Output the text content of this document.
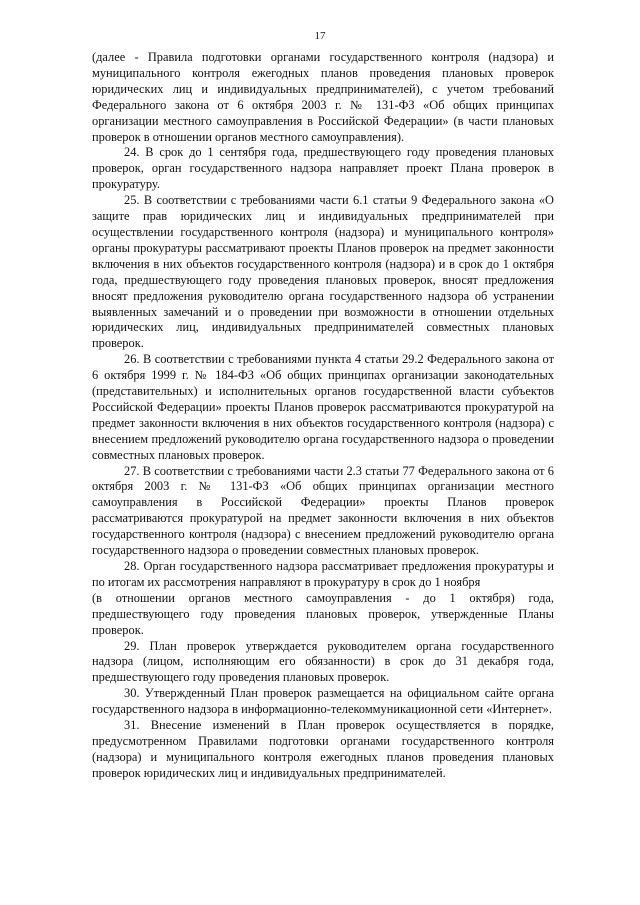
17

(далее - Правила подготовки органами государственного контроля (надзора) и муниципального контроля ежегодных планов проведения плановых проверок юридических лиц и индивидуальных предпринимателей), с учетом требований Федерального закона от 6 октября 2003 г. № 131-ФЗ «Об общих принципах организации местного самоуправления в Российской Федерации» (в части плановых проверок в отношении органов местного самоуправления).

24. В срок до 1 сентября года, предшествующего году проведения плановых проверок, орган государственного надзора направляет проект Плана проверок в прокуратуру.

25. В соответствии с требованиями части 6.1 статьи 9 Федерального закона «О защите прав юридических лиц и индивидуальных предпринимателей при осуществлении государственного контроля (надзора) и муниципального контроля» органы прокуратуры рассматривают проекты Планов проверок на предмет законности включения в них объектов государственного контроля (надзора) и в срок до 1 октября года, предшествующего году проведения плановых проверок, вносят предложения вносят предложения руководителю органа государственного надзора об устранении выявленных замечаний и о проведении при возможности в отношении отдельных юридических лиц, индивидуальных предпринимателей совместных плановых проверок.

26. В соответствии с требованиями пункта 4 статьи 29.2 Федерального закона от 6 октября 1999 г. № 184-ФЗ «Об общих принципах организации законодательных (представительных) и исполнительных органов государственной власти субъектов Российской Федерации» проекты Планов проверок рассматриваются прокуратурой на предмет законности включения в них объектов государственного контроля (надзора) с внесением предложений руководителю органа государственного надзора о проведении совместных плановых проверок.

27. В соответствии с требованиями части 2.3 статьи 77 Федерального закона от 6 октября 2003 г. № 131-ФЗ «Об общих принципах организации местного самоуправления в Российской Федерации» проекты Планов проверок рассматриваются прокуратурой на предмет законности включения в них объектов государственного контроля (надзора) с внесением предложений руководителю органа государственного надзора о проведении совместных плановых проверок.

28. Орган государственного надзора рассматривает предложения прокуратуры и по итогам их рассмотрения направляют в прокуратуру в срок до 1 ноября

(в отношении органов местного самоуправления - до 1 октября) года, предшествующего году проведения плановых проверок, утвержденные Планы проверок.

29. План проверок утверждается руководителем органа государственного надзора (лицом, исполняющим его обязанности) в срок до 31 декабря года, предшествующего году проведения плановых проверок.

30. Утвержденный План проверок размещается на официальном сайте органа государственного надзора в информационно-телекоммуникационной сети «Интернет».

31. Внесение изменений в План проверок осуществляется в порядке, предусмотренном Правилами подготовки органами государственного контроля (надзора) и муниципального контроля ежегодных планов проведения плановых проверок юридических лиц и индивидуальных предпринимателей.
